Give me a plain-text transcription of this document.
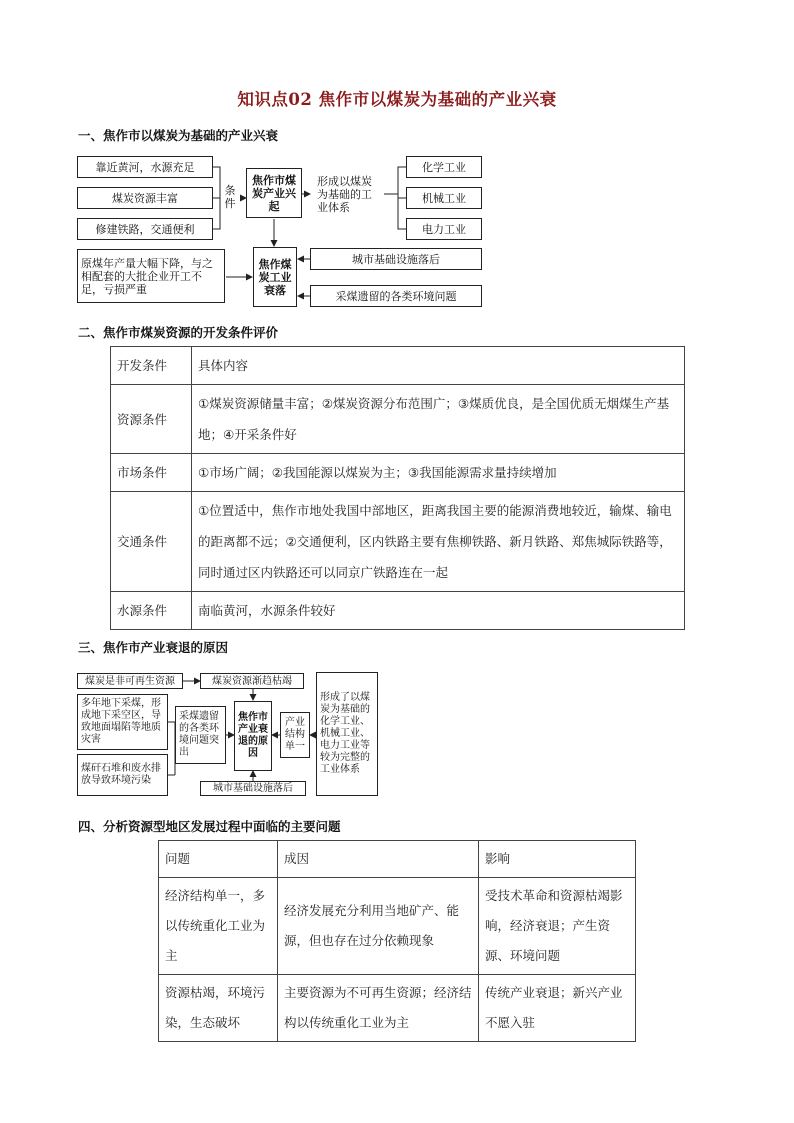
知识点02 焦作市以煤炭为基础的产业兴衰
一、焦作市以煤炭为基础的产业兴衰
靠近黄河，水源充足
煤炭资源丰富
修建铁路，交通便利
条件
焦作市煤炭产业兴起
形成以煤炭为基础的工业体系
化学工业
机械工业
电力工业
焦作煤炭工业衰落
原煤年产量大幅下降，与之相配套的大批企业开工不足，亏损严重
城市基础设施落后
采煤遗留的各类环境问题
二、焦作市煤炭资源的开发条件评价
开发条件	具体内容
资源条件	①煤炭资源储量丰富；②煤炭资源分布范围广；③煤质优良，是全国优质无烟煤生产基地；④开采条件好
市场条件	①市场广阔；②我国能源以煤炭为主；③我国能源需求量持续增加
交通条件	①位置适中，焦作市地处我国中部地区，距离我国主要的能源消费地较近，输煤、输电的距离都不远；②交通便利，区内铁路主要有焦柳铁路、新月铁路、郑焦城际铁路等，同时通过区内铁路还可以同京广铁路连在一起
水源条件	南临黄河，水源条件较好
三、焦作市产业衰退的原因
煤炭是非可再生资源	煤炭资源渐趋枯竭
多年地下采煤，形成地下采空区，导致地面塌陷等地质灾害
煤矸石堆和废水排放导致环境污染
采煤遗留的各类环境问题突出
焦作市产业衰退的原因
产业结构单一
形成了以煤炭为基础的化学工业、机械工业、电力工业等较为完整的工业体系
城市基础设施落后
四、分析资源型地区发展过程中面临的主要问题
问题	成因	影响
经济结构单一，多以传统重化工业为主	经济发展充分利用当地矿产、能源，但也存在过分依赖现象	受技术革命和资源枯竭影响，经济衰退；产生资源、环境问题
资源枯竭，环境污染，生态破坏	主要资源为不可再生资源；经济结构以传统重化工业为主	传统产业衰退；新兴产业不愿入驻
